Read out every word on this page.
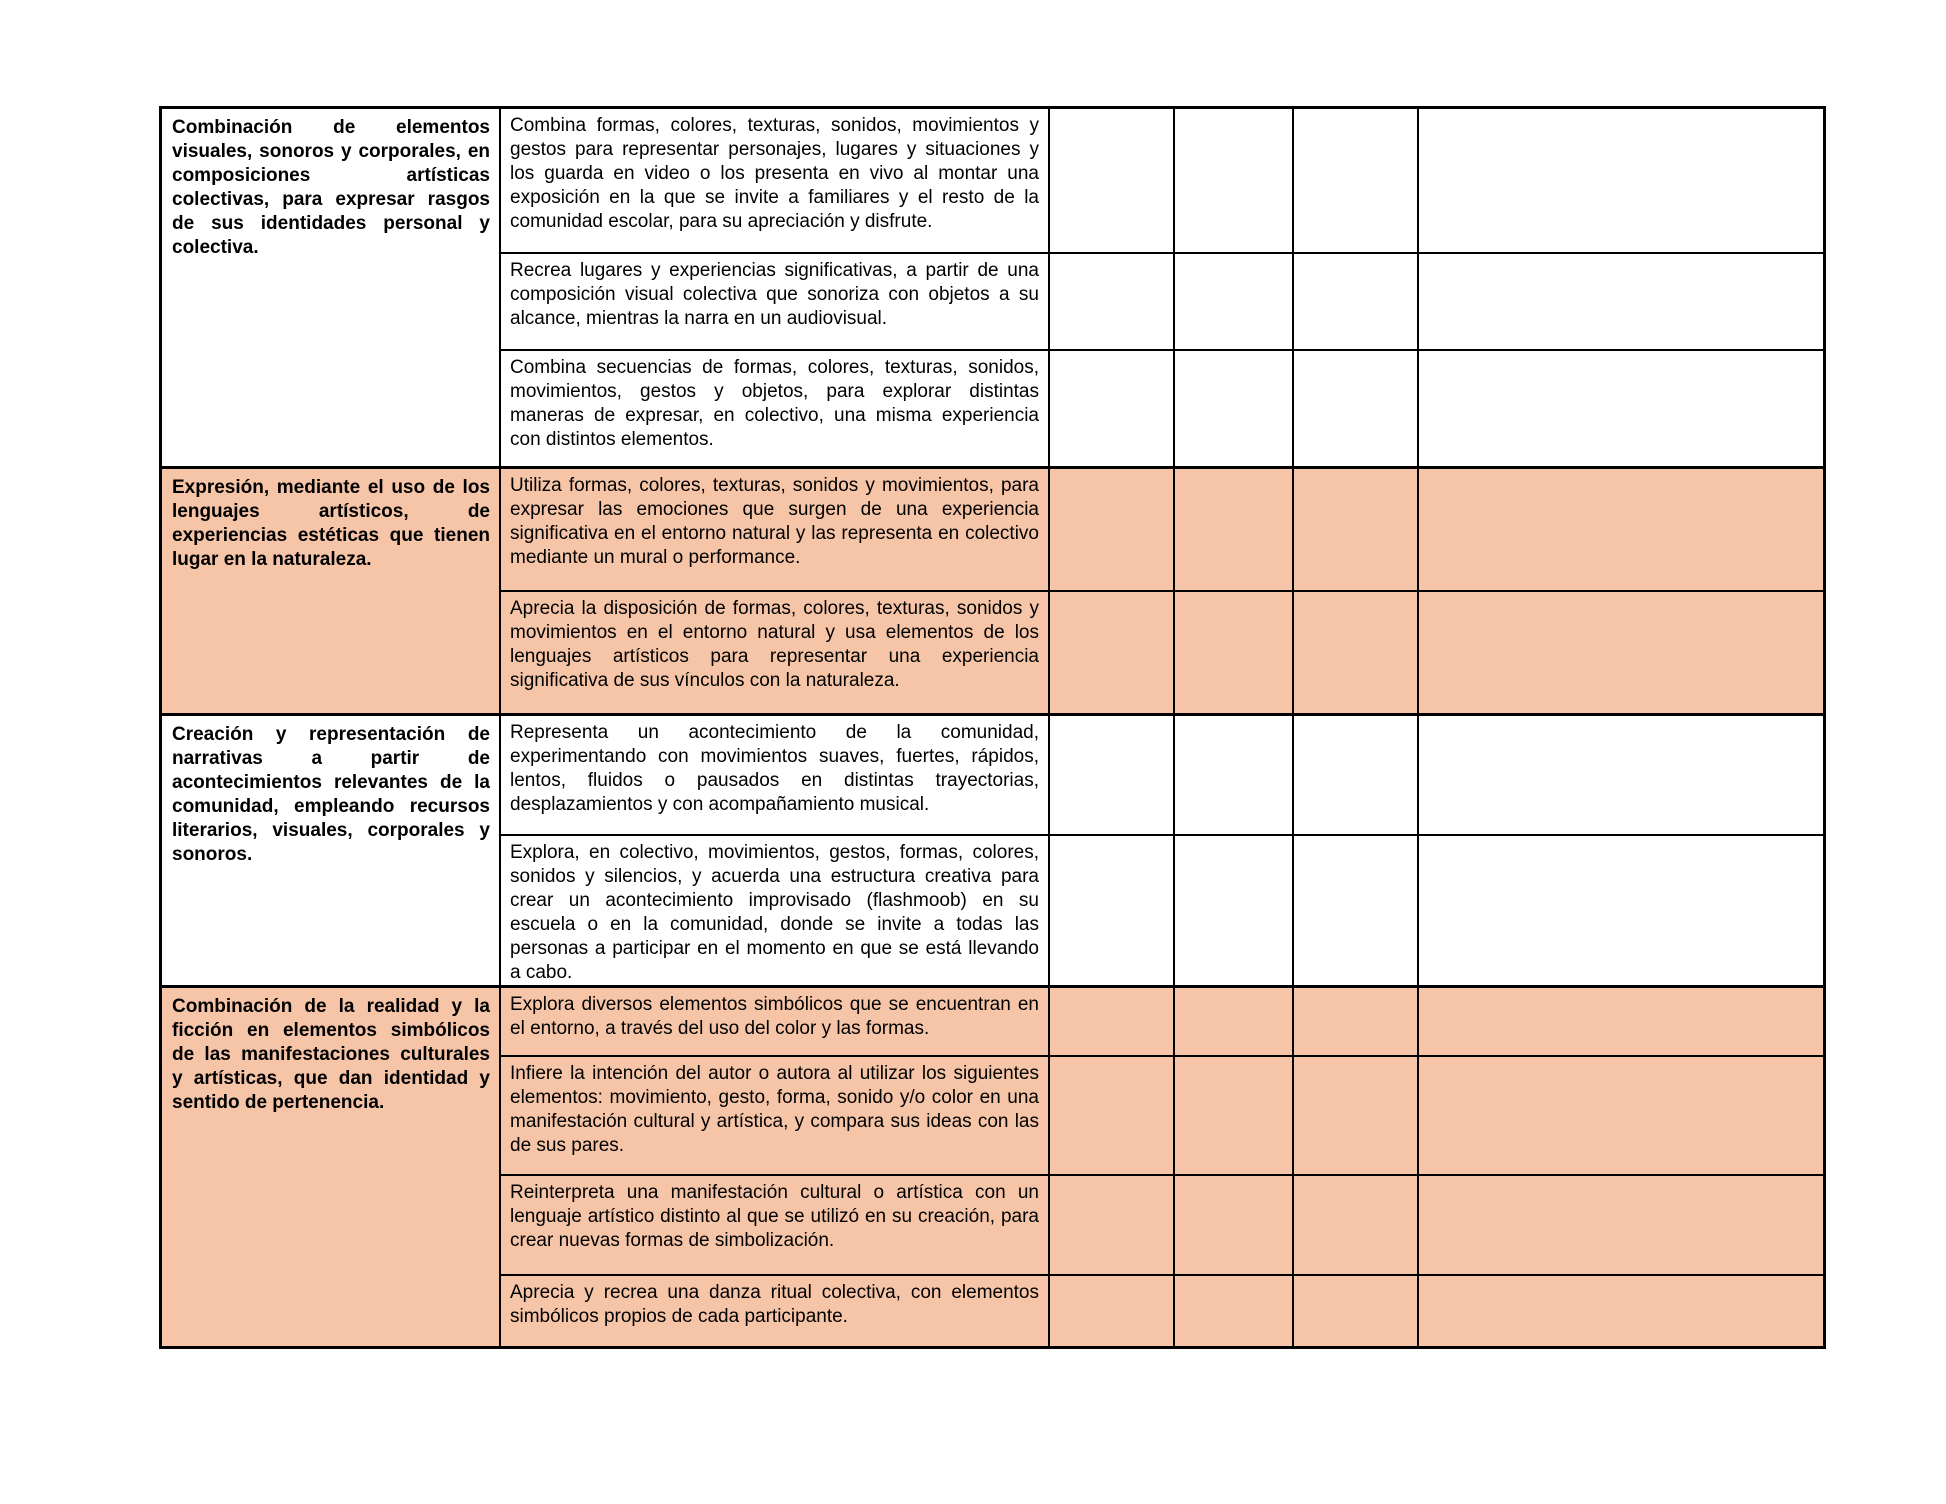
Combinación de elementos visuales, sonoros y corporales, en composiciones artísticas colectivas, para expresar rasgos de sus identidades personal y colectiva.
Combina formas, colores, texturas, sonidos, movimientos y gestos para representar personajes, lugares y situaciones y los guarda en video o los presenta en vivo al montar una exposición en la que se invite a familiares y el resto de la comunidad escolar, para su apreciación y disfrute.
Recrea lugares y experiencias significativas, a partir de una composición visual colectiva que sonoriza con objetos a su alcance, mientras la narra en un audiovisual.
Combina secuencias de formas, colores, texturas, sonidos, movimientos, gestos y objetos, para explorar distintas maneras de expresar, en colectivo, una misma experiencia con distintos elementos.
Expresión, mediante el uso de los lenguajes artísticos, de experiencias estéticas que tienen lugar en la naturaleza.
Utiliza formas, colores, texturas, sonidos y movimientos, para expresar las emociones que surgen de una experiencia significativa en el entorno natural y las representa en colectivo mediante un mural o performance.
Aprecia la disposición de formas, colores, texturas, sonidos y movimientos en el entorno natural y usa elementos de los lenguajes artísticos para representar una experiencia significativa de sus vínculos con la naturaleza.
Creación y representación de narrativas a partir de acontecimientos relevantes de la comunidad, empleando recursos literarios, visuales, corporales y sonoros.
Representa un acontecimiento de la comunidad, experimentando con movimientos suaves, fuertes, rápidos, lentos, fluidos o pausados en distintas trayectorias, desplazamientos y con acompañamiento musical.
Explora, en colectivo, movimientos, gestos, formas, colores, sonidos y silencios, y acuerda una estructura creativa para crear un acontecimiento improvisado (flashmoob) en su escuela o en la comunidad, donde se invite a todas las personas a participar en el momento en que se está llevando a cabo.
Combinación de la realidad y la ficción en elementos simbólicos de las manifestaciones culturales y artísticas, que dan identidad y sentido de pertenencia.
Explora diversos elementos simbólicos que se encuentran en el entorno, a través del uso del color y las formas.
Infiere la intención del autor o autora al utilizar los siguientes elementos: movimiento, gesto, forma, sonido y/o color en una manifestación cultural y artística, y compara sus ideas con las de sus pares.
Reinterpreta una manifestación cultural o artística con un lenguaje artístico distinto al que se utilizó en su creación, para crear nuevas formas de simbolización.
Aprecia y recrea una danza ritual colectiva, con elementos simbólicos propios de cada participante.
